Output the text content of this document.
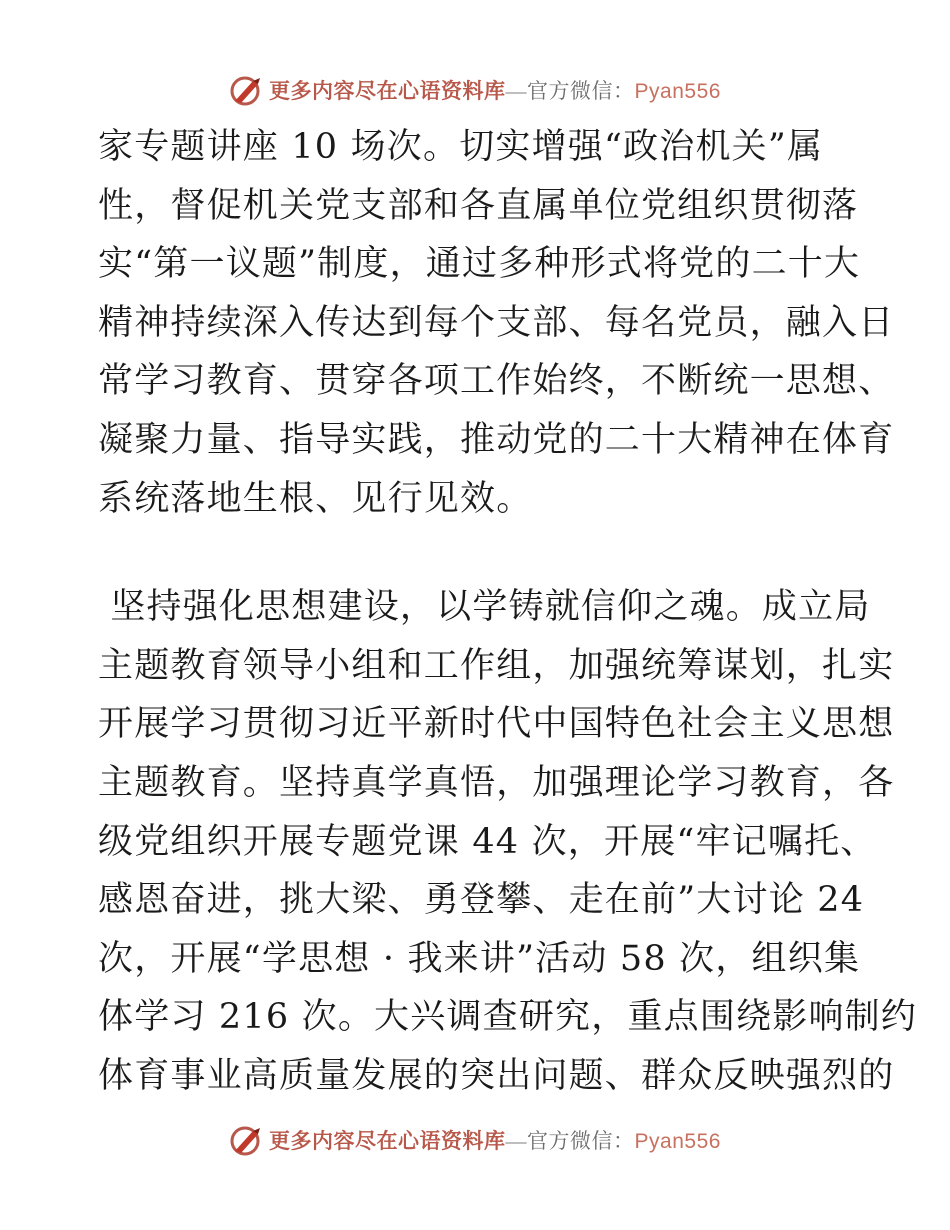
更多内容尽在心语资料库—官方微信：Pyan556
家专题讲座 10 场次。切实增强“政治机关”属
性，督促机关党支部和各直属单位党组织贯彻落
实“第一议题”制度，通过多种形式将党的二十大
精神持续深入传达到每个支部、每名党员，融入日
常学习教育、贯穿各项工作始终，不断统一思想、
凝聚力量、指导实践，推动党的二十大精神在体育
系统落地生根、见行见效。
坚持强化思想建设，以学铸就信仰之魂。成立局
主题教育领导小组和工作组，加强统筹谋划，扎实
开展学习贯彻习近平新时代中国特色社会主义思想
主题教育。坚持真学真悟，加强理论学习教育，各
级党组织开展专题党课 44 次，开展“牢记嘱托、
感恩奋进，挑大梁、勇登攀、走在前”大讨论 24
次，开展“学思想 · 我来讲”活动 58 次，组织集
体学习 216 次。大兴调查研究，重点围绕影响制约
体育事业高质量发展的突出问题、群众反映强烈的
更多内容尽在心语资料库—官方微信：Pyan556
